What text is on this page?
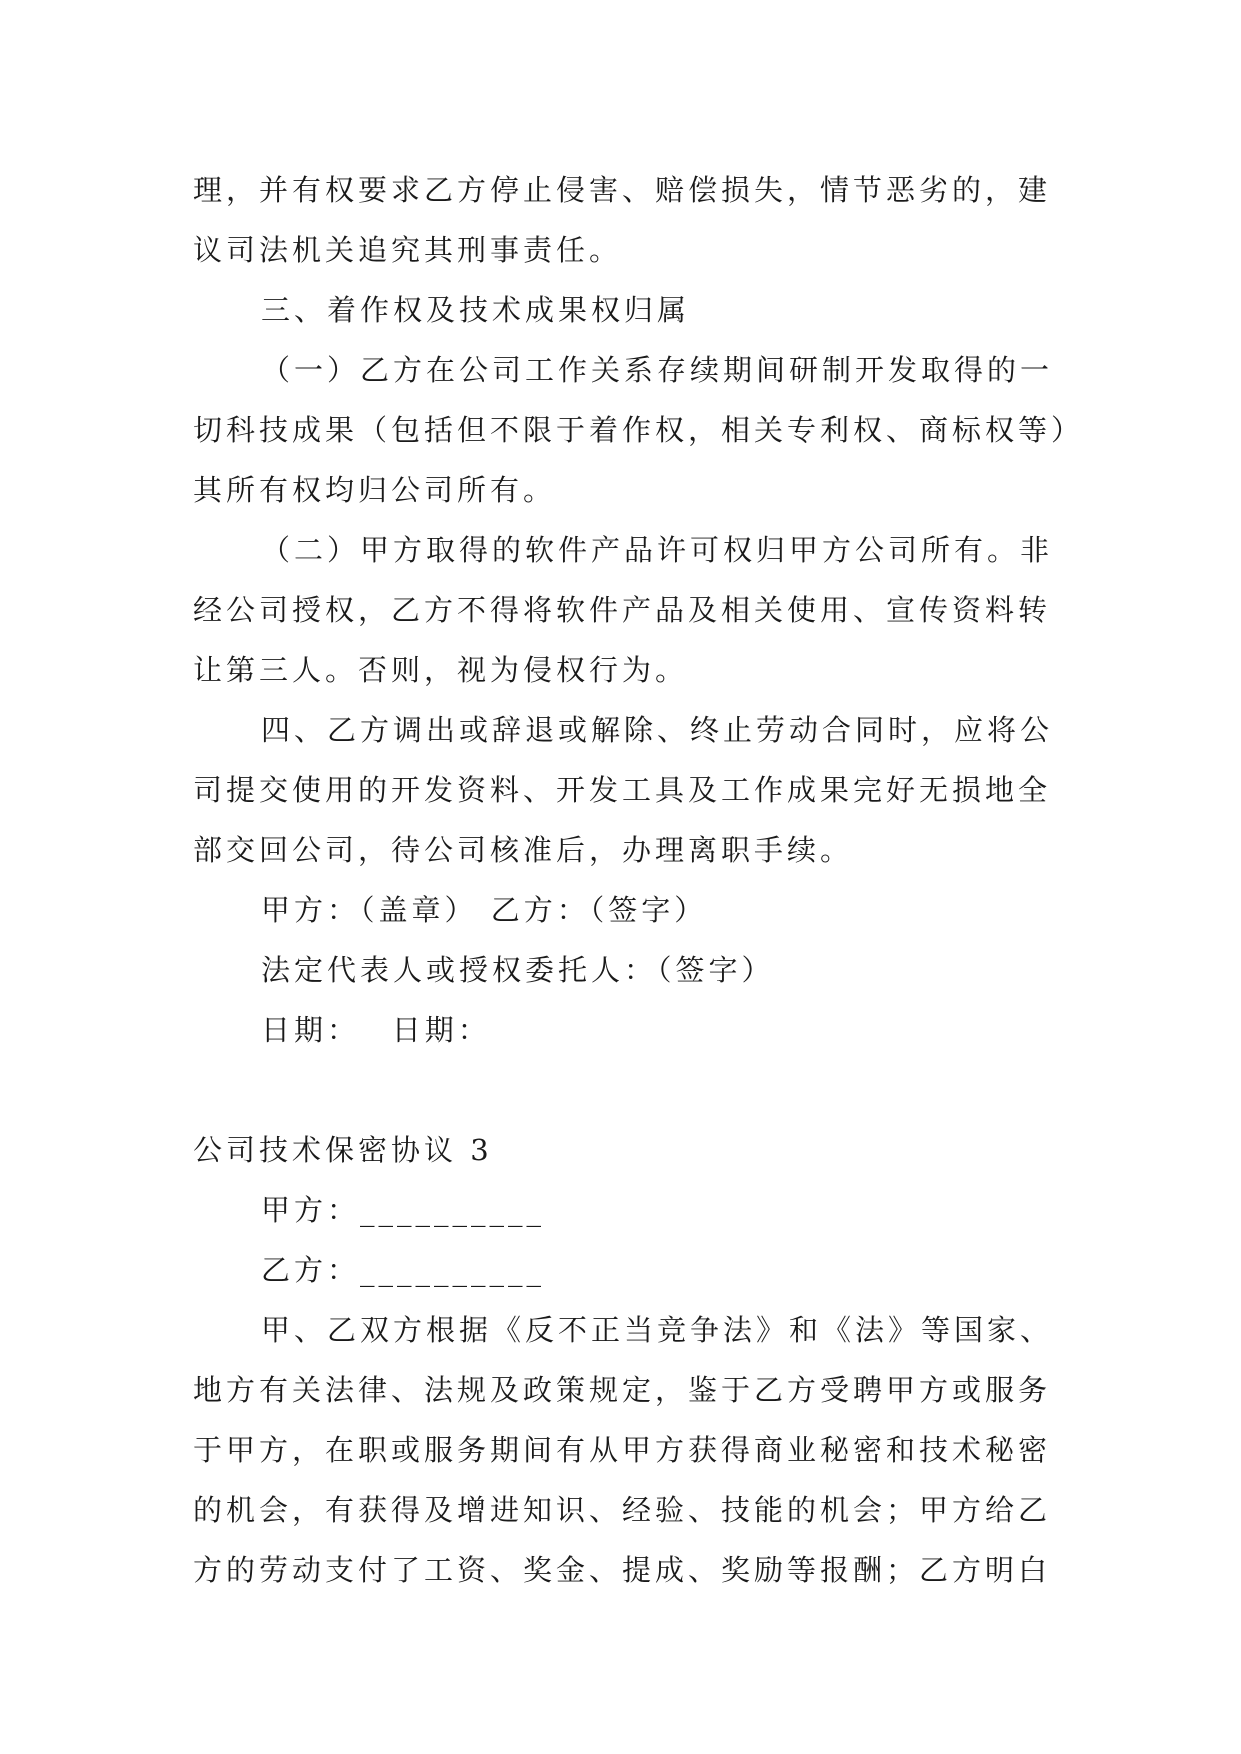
理，并有权要求乙方停止侵害、赔偿损失，情节恶劣的，建
议司法机关追究其刑事责任。
三、着作权及技术成果权归属
（一）乙方在公司工作关系存续期间研制开发取得的一
切科技成果（包括但不限于着作权，相关专利权、商标权等）
其所有权均归公司所有。
（二）甲方取得的软件产品许可权归甲方公司所有。非
经公司授权，乙方不得将软件产品及相关使用、宣传资料转
让第三人。否则，视为侵权行为。
四、乙方调出或辞退或解除、终止劳动合同时，应将公
司提交使用的开发资料、开发工具及工作成果完好无损地全
部交回公司，待公司核准后，办理离职手续。
甲方：（盖章） 乙方：（签字）
法定代表人或授权委托人：（签字）
日期：　 日期：
公司技术保密协议 3
甲方：__________
乙方：__________
甲、乙双方根据《反不正当竞争法》和《法》等国家、
地方有关法律、法规及政策规定，鉴于乙方受聘甲方或服务
于甲方，在职或服务期间有从甲方获得商业秘密和技术秘密
的机会，有获得及增进知识、经验、技能的机会；甲方给乙
方的劳动支付了工资、奖金、提成、奖励等报酬；乙方明白
